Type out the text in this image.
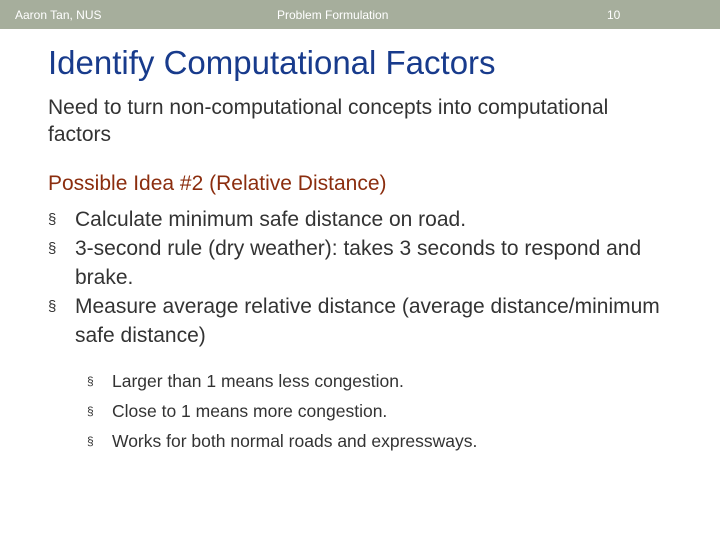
Aaron Tan, NUS	Problem Formulation	10
Identify Computational Factors
Need to turn non-computational concepts into computational factors
Possible Idea #2 (Relative Distance)
§ Calculate minimum safe distance on road.
§ 3-second rule (dry weather): takes 3 seconds to respond and brake.
§ Measure average relative distance (average distance/minimum safe distance)
§ Larger than 1 means less congestion.
§ Close to 1 means more congestion.
§ Works for both normal roads and expressways.
